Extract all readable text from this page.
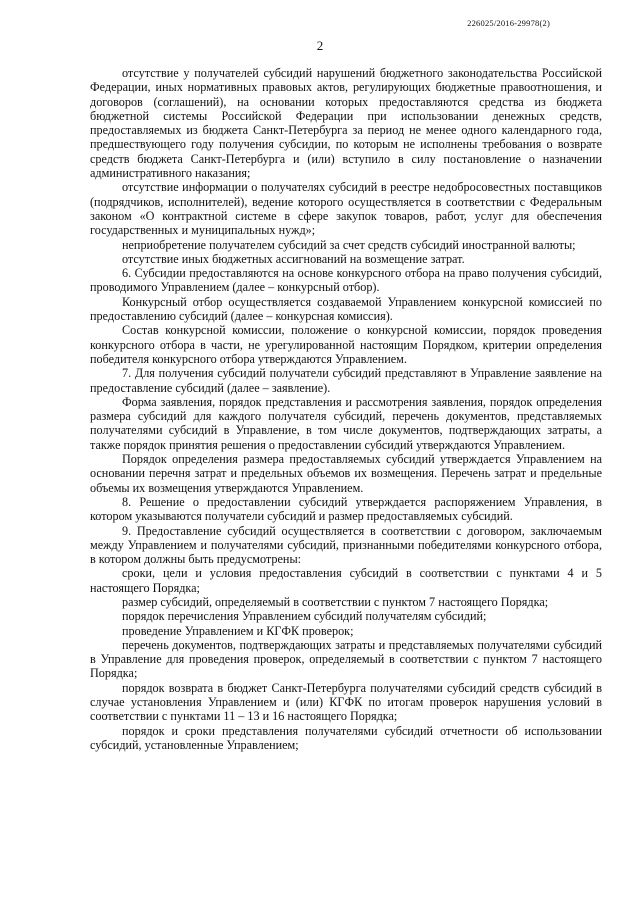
226025/2016-29978(2)
2

отсутствие у получателей субсидий нарушений бюджетного законодательства Российской Федерации, иных нормативных правовых актов, регулирующих бюджетные правоотношения, и договоров (соглашений), на основании которых предоставляются средства из бюджета бюджетной системы Российской Федерации при использовании денежных средств, предоставляемых из бюджета Санкт-Петербурга за период не менее одного календарного года, предшествующего году получения субсидии, по которым не исполнены требования о возврате средств бюджета Санкт-Петербурга и (или) вступило в силу постановление о назначении административного наказания;

отсутствие информации о получателях субсидий в реестре недобросовестных поставщиков (подрядчиков, исполнителей), ведение которого осуществляется в соответствии с Федеральным законом «О контрактной системе в сфере закупок товаров, работ, услуг для обеспечения государственных и муниципальных нужд»;

неприобретение получателем субсидий за счет средств субсидий иностранной валюты;

отсутствие иных бюджетных ассигнований на возмещение затрат.

6. Субсидии предоставляются на основе конкурсного отбора на право получения субсидий, проводимого Управлением (далее – конкурсный отбор).

Конкурсный отбор осуществляется создаваемой Управлением конкурсной комиссией по предоставлению субсидий (далее – конкурсная комиссия).

Состав конкурсной комиссии, положение о конкурсной комиссии, порядок проведения конкурсного отбора в части, не урегулированной настоящим Порядком, критерии определения победителя конкурсного отбора утверждаются Управлением.

7. Для получения субсидий получатели субсидий представляют в Управление заявление на предоставление субсидий (далее – заявление).

Форма заявления, порядок представления и рассмотрения заявления, порядок определения размера субсидий для каждого получателя субсидий, перечень документов, представляемых получателями субсидий в Управление, в том числе документов, подтверждающих затраты, а также порядок принятия решения о предоставлении субсидий утверждаются Управлением.

Порядок определения размера предоставляемых субсидий утверждается Управлением на основании перечня затрат и предельных объемов их возмещения. Перечень затрат и предельные объемы их возмещения утверждаются Управлением.

8. Решение о предоставлении субсидий утверждается распоряжением Управления, в котором указываются получатели субсидий и размер предоставляемых субсидий.

9. Предоставление субсидий осуществляется в соответствии с договором, заключаемым между Управлением и получателями субсидий, признанными победителями конкурсного отбора, в котором должны быть предусмотрены:

сроки, цели и условия предоставления субсидий в соответствии с пунктами 4 и 5 настоящего Порядка;

размер субсидий, определяемый в соответствии с пунктом 7 настоящего Порядка;

порядок перечисления Управлением субсидий получателям субсидий;

проведение Управлением и КГФК проверок;

перечень документов, подтверждающих затраты и представляемых получателями субсидий в Управление для проведения проверок, определяемый в соответствии с пунктом 7 настоящего Порядка;

порядок возврата в бюджет Санкт-Петербурга получателями субсидий средств субсидий в случае установления Управлением и (или) КГФК по итогам проверок нарушения условий в соответствии с пунктами 11 – 13 и 16 настоящего Порядка;

порядок и сроки представления получателями субсидий отчетности об использовании субсидий, установленные Управлением;
